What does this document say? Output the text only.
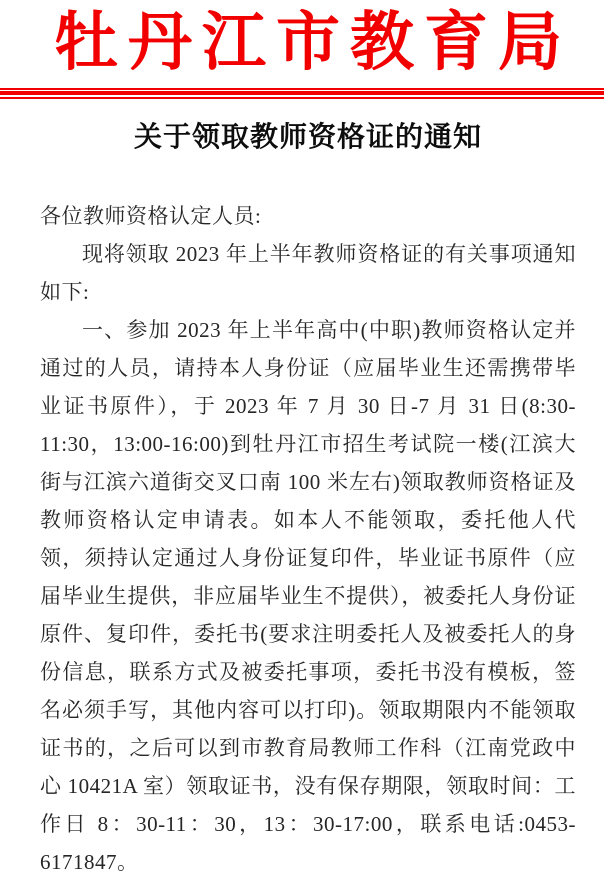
牡丹江市教育局
关于领取教师资格证的通知

各位教师资格认定人员:

现将领取 2023 年上半年教师资格证的有关事项通知如下:

一、参加 2023 年上半年高中(中职)教师资格认定并通过的人员，请持本人身份证（应届毕业生还需携带毕业证书原件），于 2023 年 7 月 30 日-7 月 31 日(8:30-11:30，13:00-16:00)到牡丹江市招生考试院一楼(江滨大街与江滨六道街交叉口南 100 米左右)领取教师资格证及教师资格认定申请表。如本人不能领取，委托他人代领，须持认定通过人身份证复印件，毕业证书原件（应届毕业生提供，非应届毕业生不提供），被委托人身份证原件、复印件，委托书(要求注明委托人及被委托人的身份信息，联系方式及被委托事项，委托书没有模板，签名必须手写，其他内容可以打印)。领取期限内不能领取证书的，之后可以到市教育局教师工作科（江南党政中心 10421A 室）领取证书，没有保存期限，领取时间：工作日 8：30-11：30，13：30-17:00，联系电话:0453-6171847。
